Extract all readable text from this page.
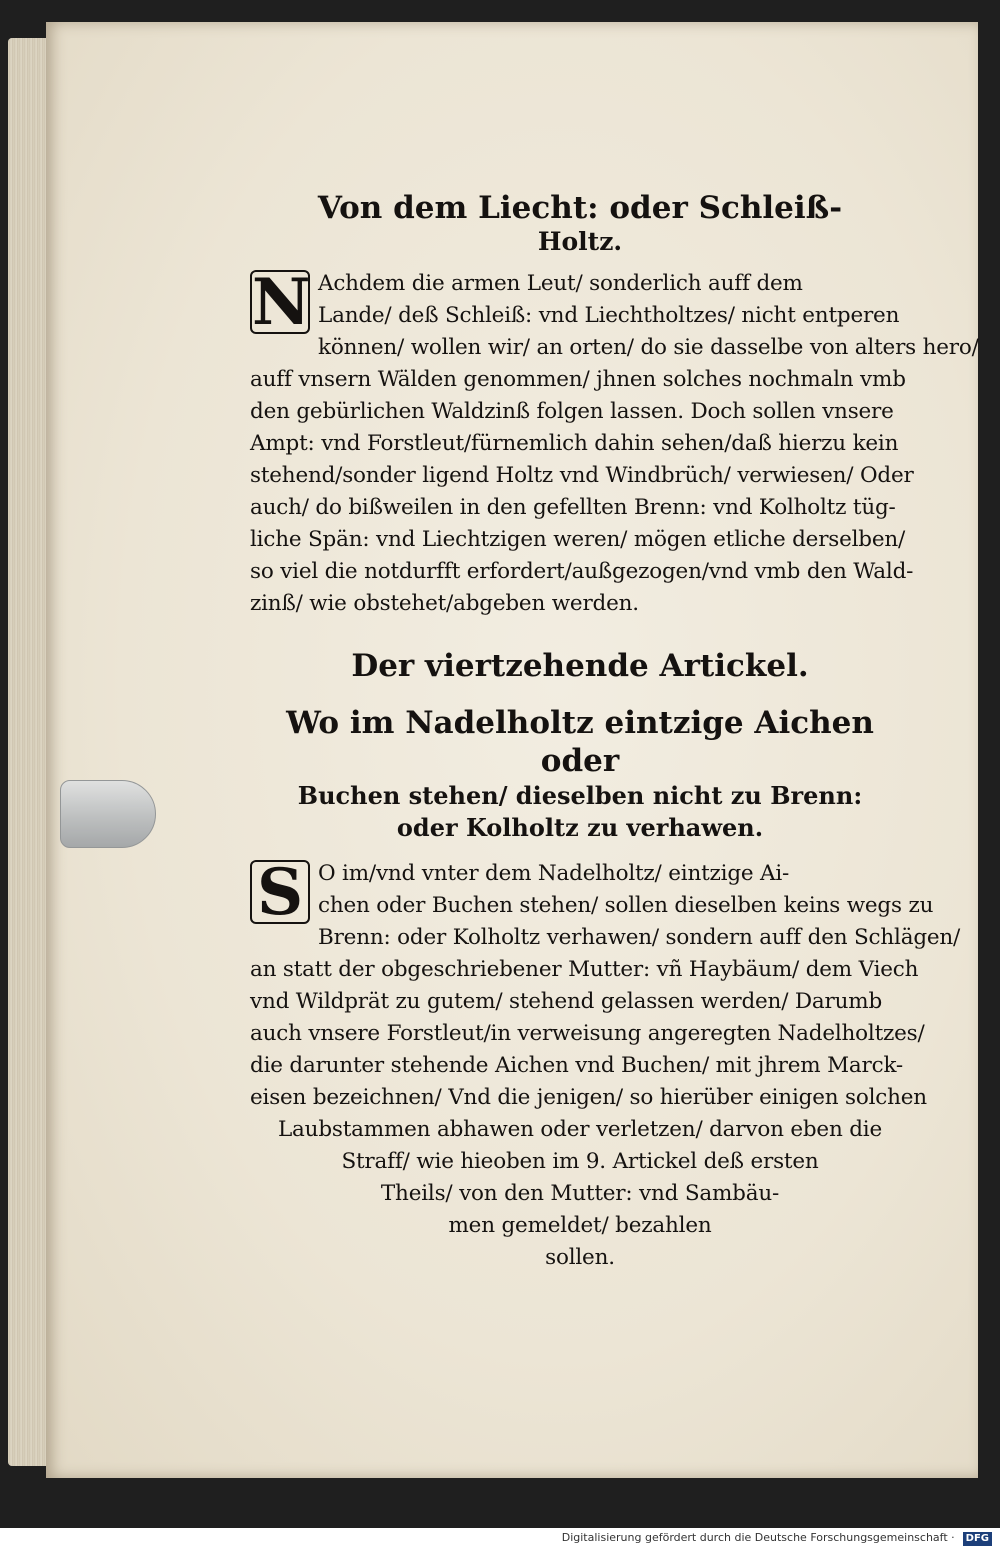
Von dem Liecht: oder Schleiß-

Holtz.

N Achdem die armen Leut/ sonderlich auff dem
Lande/ deß Schleiß: vnd Liechtholtzes/ nicht entperen
können/ wollen wir/ an orten/ do sie dasselbe von alters hero/
auff vnsern Wälden genommen/ jhnen solches nochmaln vmb
den gebürlichen Waldzinß folgen lassen. Doch sollen vnsere
Ampt: vnd Forstleut/fürnemlich dahin sehen/daß hierzu kein
stehend/sonder ligend Holtz vnd Windbrüch/ verwiesen/ Oder
auch/ do bißweilen in den gefellten Brenn: vnd Kolholtz tüg-
liche Spän: vnd Liechtzigen weren/ mögen etliche derselben/
so viel die notdurfft erfordert/außgezogen/vnd vmb den Wald-
zinß/ wie obstehet/abgeben werden.

Der viertzehende Artickel.

Wo im Nadelholtz eintzige Aichen oder

Buchen stehen/ dieselben nicht zu Brenn:

oder Kolholtz zu verhawen.

S O im/vnd vnter dem Nadelholtz/ eintzige Ai-
chen oder Buchen stehen/ sollen dieselben keins wegs zu
Brenn: oder Kolholtz verhawen/ sondern auff den Schlägen/
an statt der obgeschriebener Mutter: vñ Haybäum/ dem Viech
vnd Wildprät zu gutem/ stehend gelassen werden/ Darumb
auch vnsere Forstleut/in verweisung angeregten Nadelholtzes/
die darunter stehende Aichen vnd Buchen/ mit jhrem Marck-
eisen bezeichnen/ Vnd die jenigen/ so hierüber einigen solchen
Laubstammen abhawen oder verletzen/ darvon eben die
Straff/ wie hieoben im 9. Artickel deß ersten
Theils/ von den Mutter: vnd Sambäu-
men gemeldet/ bezahlen
sollen.
Digitalisierung gefördert durch die Deutsche Forschungsgemeinschaft · DFG
